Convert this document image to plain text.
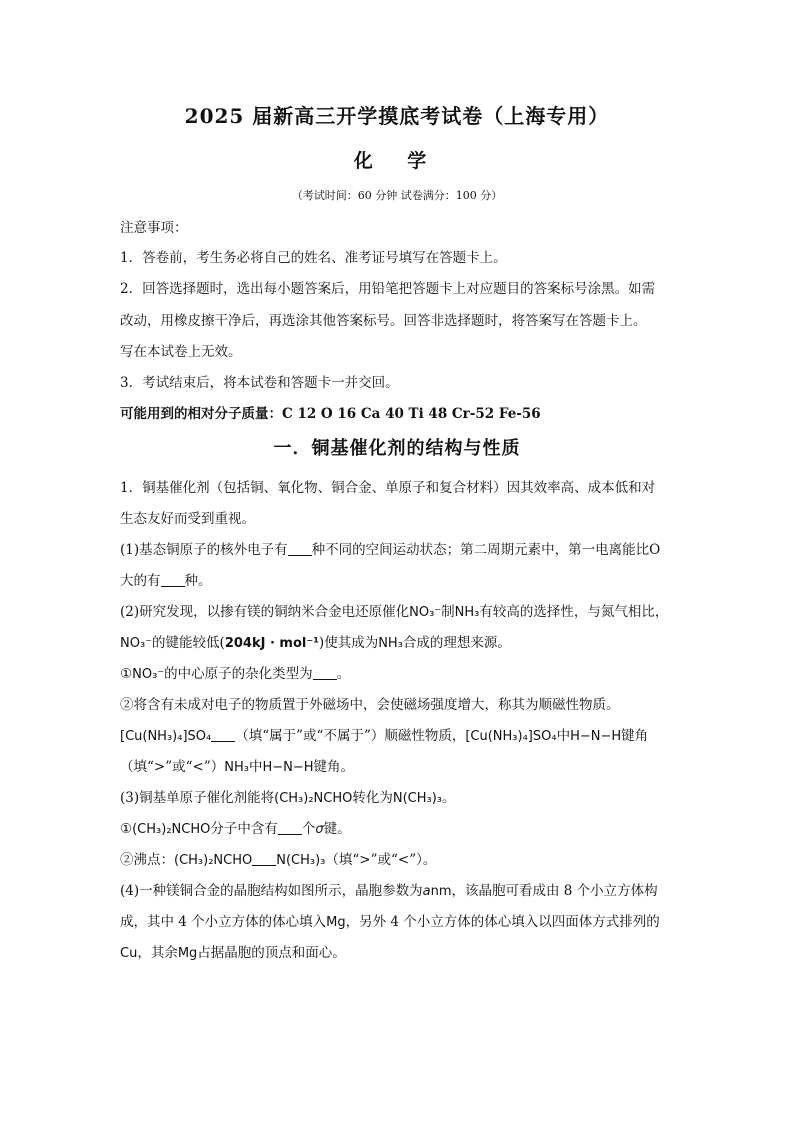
2025 届新高三开学摸底考试卷（上海专用）
化 学
（考试时间：60 分钟 试卷满分：100 分）
注意事项：
1．答卷前，考生务必将自己的姓名、准考证号填写在答题卡上。
2．回答选择题时，选出每小题答案后，用铅笔把答题卡上对应题目的答案标号涂黑。如需
改动，用橡皮擦干净后，再选涂其他答案标号。回答非选择题时，将答案写在答题卡上。
写在本试卷上无效。
3．考试结束后，将本试卷和答题卡一并交回。
可能用到的相对分子质量：C 12 O 16 Ca 40 Ti 48 Cr-52 Fe-56
一．铜基催化剂的结构与性质
1．铜基催化剂（包括铜、氧化物、铜合金、单原子和复合材料）因其效率高、成本低和对
生态友好而受到重视。
(1)基态铜原子的核外电子有 种不同的空间运动状态；第二周期元素中，第一电离能比O
大的有 种。
(2)研究发现，以掺有镁的铜纳米合金电还原催化NO₃⁻制NH₃有较高的选择性，与氮气相比，
NO₃⁻的键能较低(204kJ · mol⁻¹)使其成为NH₃合成的理想来源。
①NO₃⁻的中心原子的杂化类型为 。
②将含有未成对电子的物质置于外磁场中，会使磁场强度增大，称其为顺磁性物质。
[Cu(NH₃)₄]SO₄ （填“属于”或“不属于”）顺磁性物质，[Cu(NH₃)₄]SO₄中H−N−H键角
（填“>”或“<”）NH₃中H−N−H键角。
(3)铜基单原子催化剂能将(CH₃)₂NCHO转化为N(CH₃)₃。
①(CH₃)₂NCHO分子中含有 个σ键。
②沸点：(CH₃)₂NCHO N(CH₃)₃（填“>”或“<”）。
(4)一种镁铜合金的晶胞结构如图所示，晶胞参数为anm，该晶胞可看成由 8 个小立方体构
成，其中 4 个小立方体的体心填入Mg，另外 4 个小立方体的体心填入以四面体方式排列的
Cu，其余Mg占据晶胞的顶点和面心。
